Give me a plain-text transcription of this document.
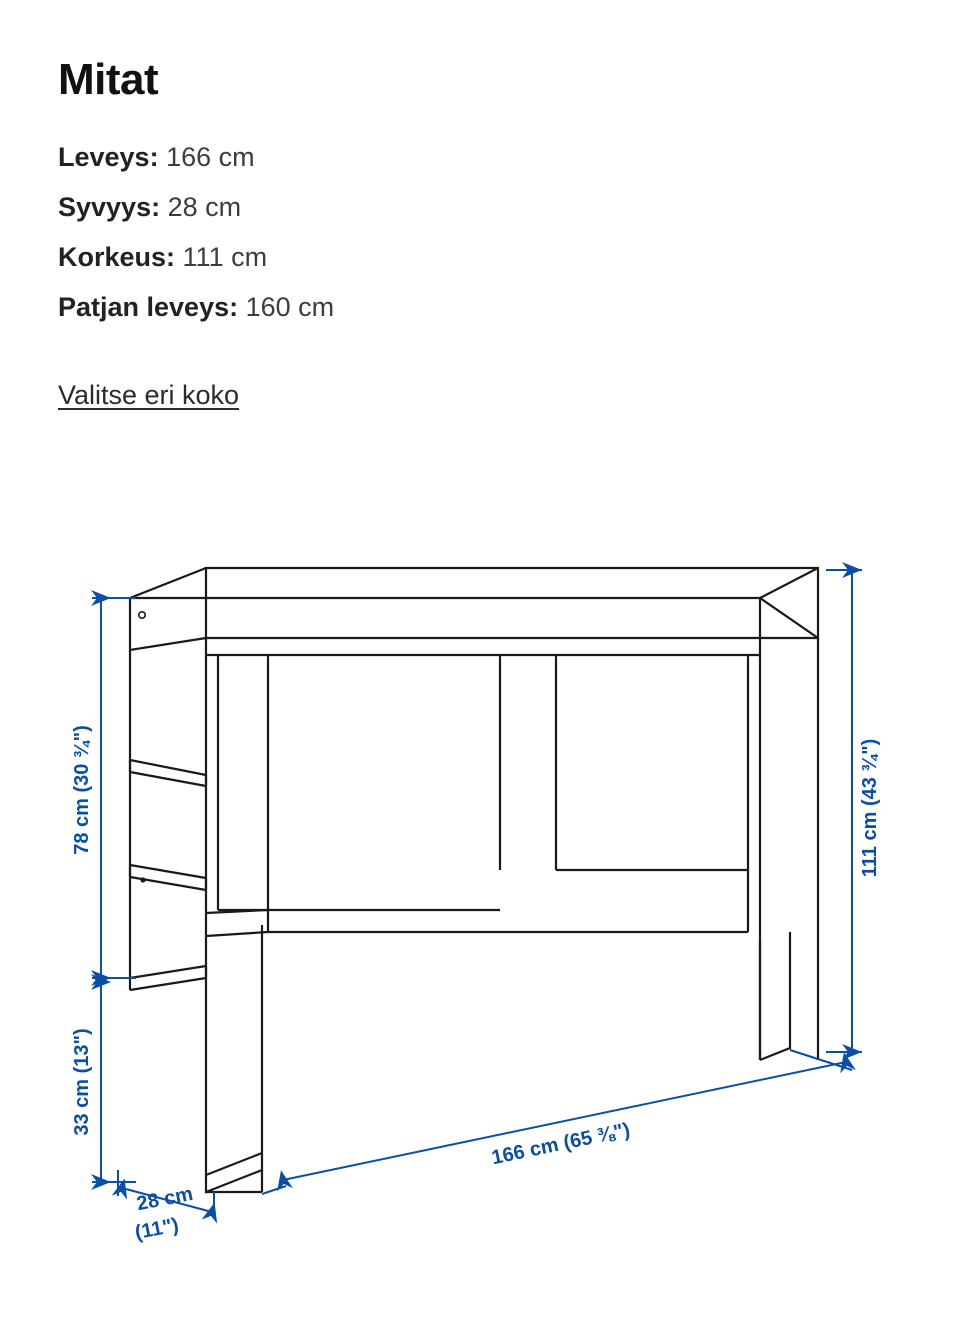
Mitat
Leveys: 166 cm
Syvyys: 28 cm
Korkeus: 111 cm
Patjan leveys: 160 cm
Valitse eri koko
78 cm (30 ¾")
33 cm (13")
111 cm (43 ¾")
166 cm (65 ⅜")
28 cm
(11")
